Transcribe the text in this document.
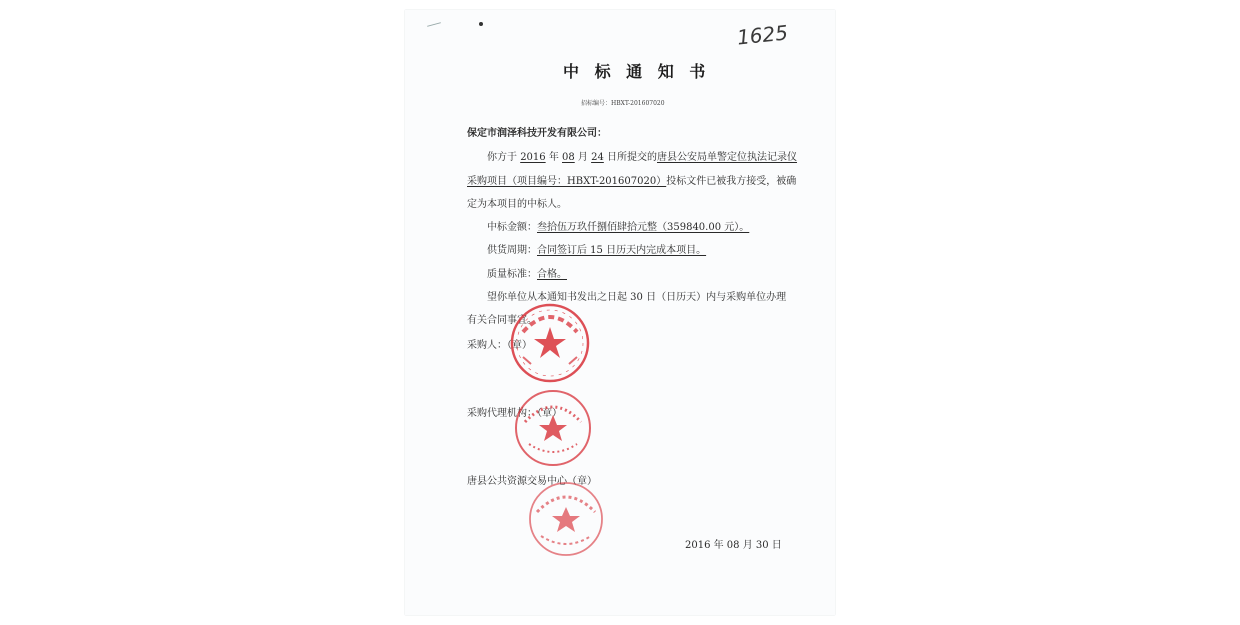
1625
中 标 通 知 书
招标编号：HBXT-201607020
保定市润泽科技开发有限公司：
你方于 2016 年 08 月 24 日所提交的唐县公安局单警定位执法记录仪
采购项目（项目编号：HBXT-201607020）投标文件已被我方接受，被确
定为本项目的中标人。
中标金额：叁拾伍万玖仟捌佰肆拾元整（359840.00 元）。
供货周期：合同签订后 15 日历天内完成本项目。
质量标准：合格。
望你单位从本通知书发出之日起 30 日（日历天）内与采购单位办理
有关合同事宜。
采购人：（章）
采购代理机构：（章）
唐县公共资源交易中心（章）
2016 年 08 月 30 日
